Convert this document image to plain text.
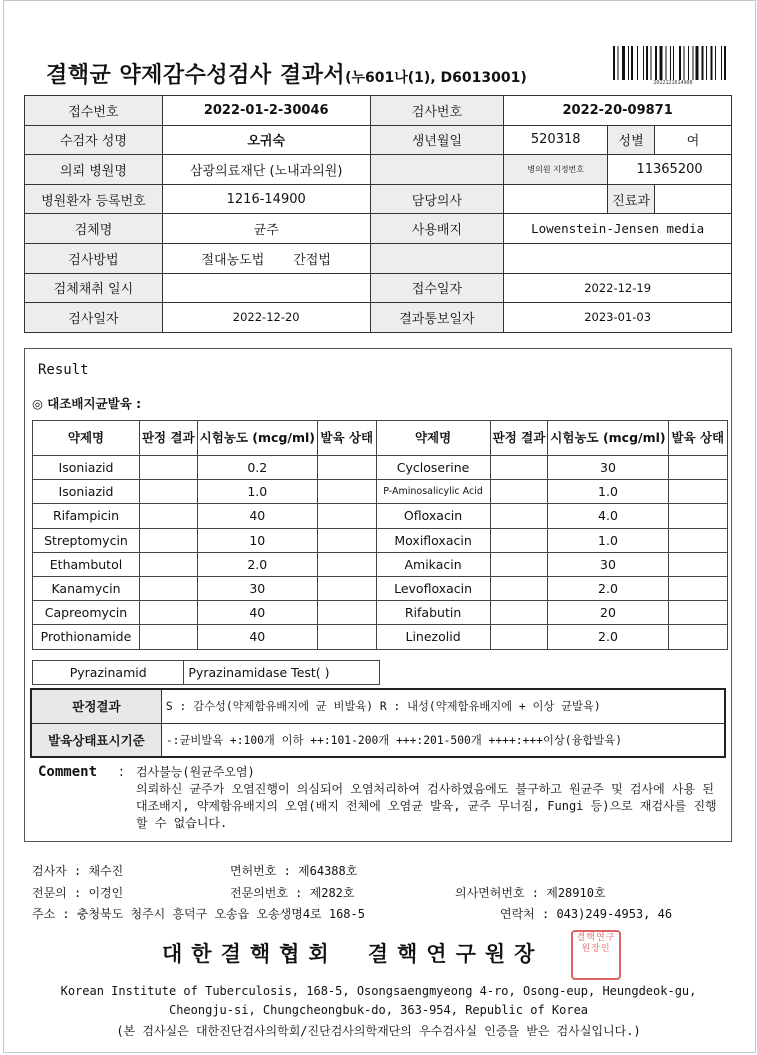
결핵균 약제감수성검사 결과서(누601나(1), D6013001)	2022121614900
접수번호	2022-01-2-30046	검사번호	2022-20-09871		
수검자 성명	오귀숙	생년월일	520318	성별	여
의뢰 병원명	삼광의료재단 (노내과의원)		병의원 지정번호	11365200	
병원환자 등록번호	1216-14900	담당의사		진료과	
검체명	균주	사용배지	Lowenstein-Jensen media		
검사방법	절대농도법 간접법				
검체채취 일시		접수일자	2022-12-19		
검사일자	2022-12-20	결과통보일자	2023-01-03		
Result
◎ 대조배지균발육 :
약제명	판정 결과	시험농도 (mcg/ml)	발육 상태	약제명	판정 결과	시험농도 (mcg/ml)	발육 상태
Isoniazid		0.2		Cycloserine		30	
Isoniazid		1.0		P-Aminosalicylic Acid		1.0	
Rifampicin		40		Ofloxacin		4.0	
Streptomycin		10		Moxifloxacin		1.0	
Ethambutol		2.0		Amikacin		30	
Kanamycin		30		Levofloxacin		2.0	
Capreomycin		40		Rifabutin		20	
Prothionamide		40		Linezolid		2.0	
Pyrazinamid	Pyrazinamidase Test( )
판정결과	S : 감수성(약제함유배지에 균 비발육) R : 내성(약제함유배지에 + 이상 균발육)
발육상태표시기준	-:균비발육 +:100개 이하 ++:101-200개 +++:201-500개 ++++:+++이상(융합발육)
Comment : 검사불능(원균주오염)
의뢰하신 균주가 오염진행이 의심되어 오염처리하여 검사하였음에도 불구하고 원균주 및 검사에 사용 된 대조배지, 약제함유배지의 오염(배지 전체에 오염균 발육, 균주 무너짐, Fungi 등)으로 재검사를 진행할 수 없습니다.
검사자 : 채수진	면허번호 : 제64388호
전문의 : 이경인	전문의번호 : 제282호	의사면허번호 : 제28910호
주소 : 충청북도 청주시 흥덕구 오송읍 오송생명4로 168-5	연락처 : 043)249-4953, 46
대한결핵협회 결핵연구원장
결핵연구원장인
Korean Institute of Tuberculosis, 168-5, Osongsaengmyeong 4-ro, Osong-eup, Heungdeok-gu,
Cheongju-si, Chungcheongbuk-do, 363-954, Republic of Korea
(본 검사실은 대한진단검사의학회/진단검사의학재단의 우수검사실 인증을 받은 검사실입니다.)
